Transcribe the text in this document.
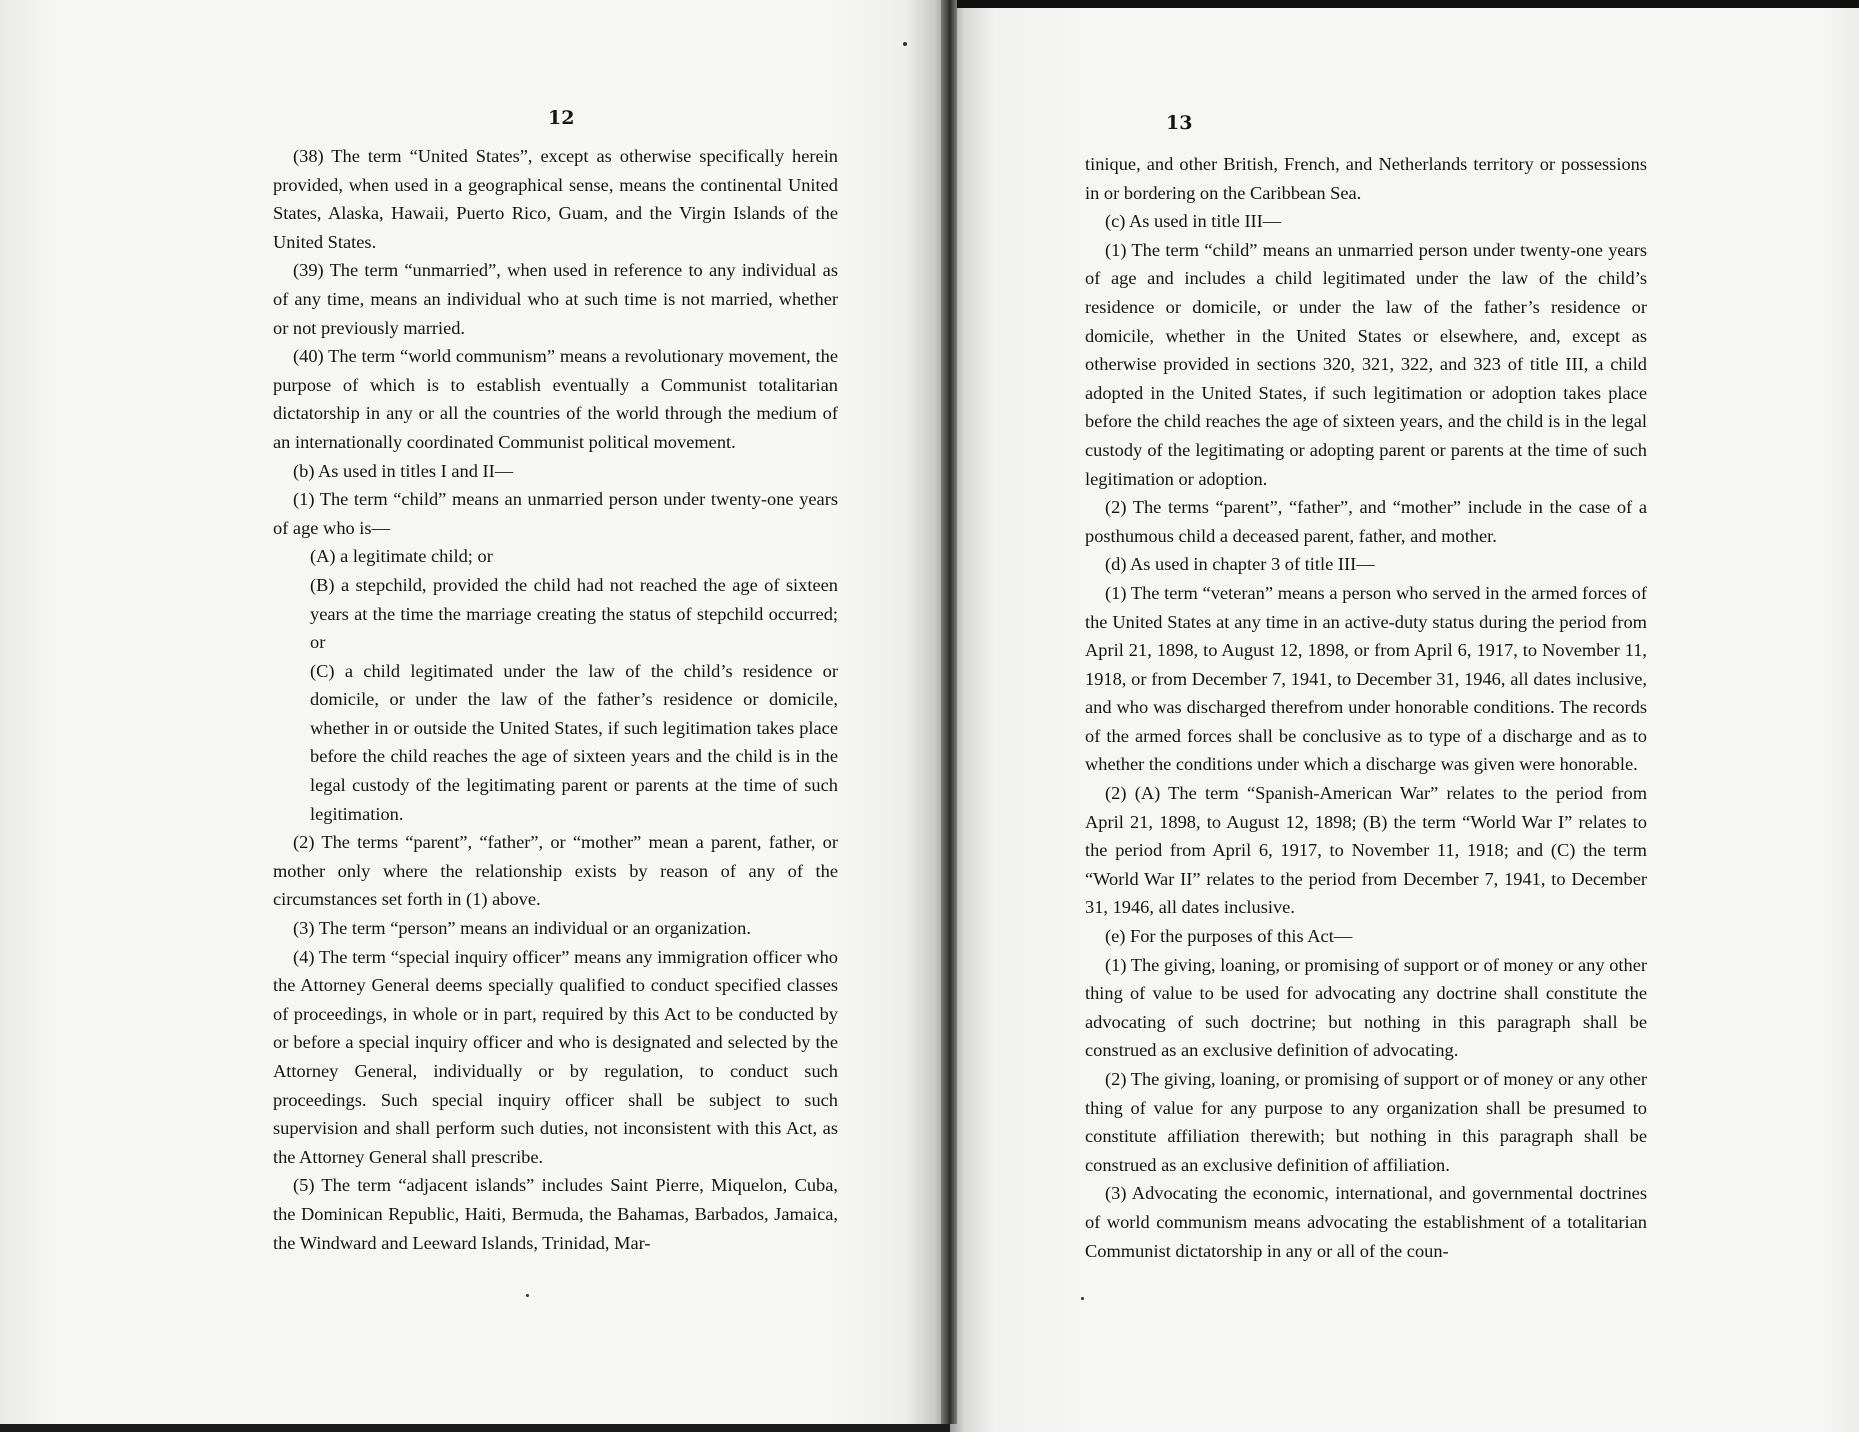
12

(38) The term “United States”, except as otherwise specifically herein provided, when used in a geographical sense, means the continental United States, Alaska, Hawaii, Puerto Rico, Guam, and the Virgin Islands of the United States.

(39) The term “unmarried”, when used in reference to any individual as of any time, means an individual who at such time is not married, whether or not previously married.

(40) The term “world communism” means a revolutionary movement, the purpose of which is to establish eventually a Communist totalitarian dictatorship in any or all the countries of the world through the medium of an internationally coordinated Communist political movement.

(b) As used in titles I and II—

(1) The term “child” means an unmarried person under twenty-one years of age who is—

(A) a legitimate child; or

(B) a stepchild, provided the child had not reached the age of sixteen years at the time the marriage creating the status of stepchild occurred; or

(C) a child legitimated under the law of the child’s residence or domicile, or under the law of the father’s residence or domicile, whether in or outside the United States, if such legitimation takes place before the child reaches the age of sixteen years and the child is in the legal custody of the legitimating parent or parents at the time of such legitimation.

(2) The terms “parent”, “father”, or “mother” mean a parent, father, or mother only where the relationship exists by reason of any of the circumstances set forth in (1) above.

(3) The term “person” means an individual or an organization.

(4) The term “special inquiry officer” means any immigration officer who the Attorney General deems specially qualified to conduct specified classes of proceedings, in whole or in part, required by this Act to be conducted by or before a special inquiry officer and who is designated and selected by the Attorney General, individually or by regulation, to conduct such proceedings. Such special inquiry officer shall be subject to such supervision and shall perform such duties, not inconsistent with this Act, as the Attorney General shall prescribe.

(5) The term “adjacent islands” includes Saint Pierre, Miquelon, Cuba, the Dominican Republic, Haiti, Bermuda, the Bahamas, Barbados, Jamaica, the Windward and Leeward Islands, Trinidad, Mar-

13

tinique, and other British, French, and Netherlands territory or possessions in or bordering on the Caribbean Sea.

(c) As used in title III—

(1) The term “child” means an unmarried person under twenty-one years of age and includes a child legitimated under the law of the child’s residence or domicile, or under the law of the father’s residence or domicile, whether in the United States or elsewhere, and, except as otherwise provided in sections 320, 321, 322, and 323 of title III, a child adopted in the United States, if such legitimation or adoption takes place before the child reaches the age of sixteen years, and the child is in the legal custody of the legitimating or adopting parent or parents at the time of such legitimation or adoption.

(2) The terms “parent”, “father”, and “mother” include in the case of a posthumous child a deceased parent, father, and mother.

(d) As used in chapter 3 of title III—

(1) The term “veteran” means a person who served in the armed forces of the United States at any time in an active-duty status during the period from April 21, 1898, to August 12, 1898, or from April 6, 1917, to November 11, 1918, or from December 7, 1941, to December 31, 1946, all dates inclusive, and who was discharged therefrom under honorable conditions. The records of the armed forces shall be conclusive as to type of a discharge and as to whether the conditions under which a discharge was given were honorable.

(2) (A) The term “Spanish-American War” relates to the period from April 21, 1898, to August 12, 1898; (B) the term “World War I” relates to the period from April 6, 1917, to November 11, 1918; and (C) the term “World War II” relates to the period from December 7, 1941, to December 31, 1946, all dates inclusive.

(e) For the purposes of this Act—

(1) The giving, loaning, or promising of support or of money or any other thing of value to be used for advocating any doctrine shall constitute the advocating of such doctrine; but nothing in this paragraph shall be construed as an exclusive definition of advocating.

(2) The giving, loaning, or promising of support or of money or any other thing of value for any purpose to any organization shall be presumed to constitute affiliation therewith; but nothing in this paragraph shall be construed as an exclusive definition of affiliation.

(3) Advocating the economic, international, and governmental doctrines of world communism means advocating the establishment of a totalitarian Communist dictatorship in any or all of the coun-
